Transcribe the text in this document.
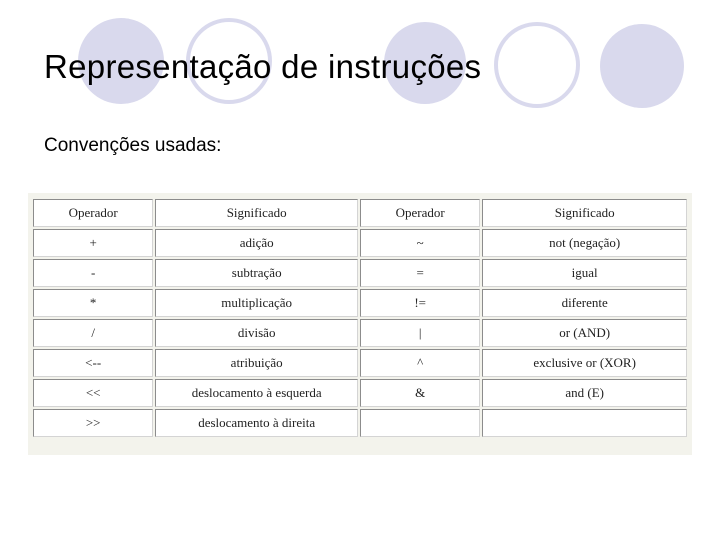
Representação de instruções
Convenções usadas:
Operador	Significado	Operador	Significado
+	adição	~	not (negação)
-	subtração	=	igual
*	multiplicação	!=	diferente
/	divisão	|	or (AND)
<--	atribuição	^	exclusive or (XOR)
<<	deslocamento à esquerda	&	and (E)
>>	deslocamento à direita		
